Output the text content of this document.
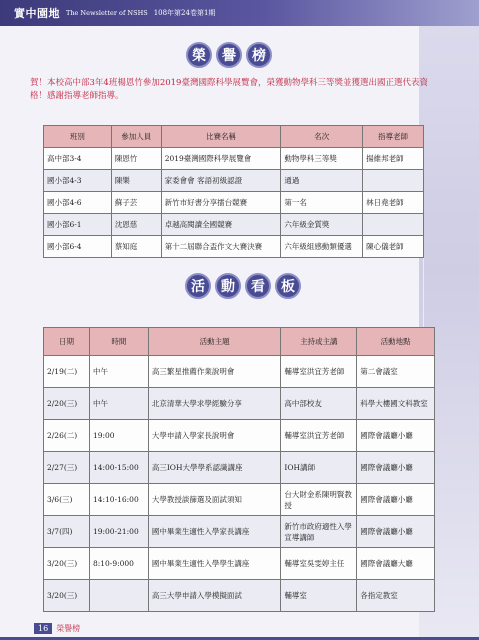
實中園地 The Newsletter of NSHS 108年第24卷第1期
榮	譽	榜

賀！本校高中部3年4班楊恩竹參加2019臺灣國際科學展覽會，榮獲動物學科三等獎並獲選出國正選代表資格！感謝指導老師指導。

班別	參加人員	比賽名稱	名次	指導老師
高中部3-4	陳恩竹	2019臺灣國際科學展覽會	動物學科三等獎	揚維邦老師
國小部4-3	陳樂	家委會會 客語初級認證	通過	
國小部4-6	蘇子芸	新竹市好書分享擂台競賽	第一名	林日堯老師
國小部6-1	沈恩慈	卓越高閱讀全國競賽	六年級金質獎	
國小部6-4	蔡知庭	第十二屆聯合盃作文大賽決賽	六年級組感動類優選	陳心儀老師
活	動	看	板
日期	時間	活動主題	主持或主講	活動地點
2/19(二)	中午	高三繁星推薦作業說明會	輔導室洪宜芳老師	第二會議室
2/20(三)	中午	北京清華大學求學經驗分享	高中部校友	科學大樓國文科教室
2/26(二)	19:00	大學申請入學家長說明會	輔導室洪宜芳老師	國際會議廳小廳
2/27(三)	14:00-15:00	高三IOH大學學系認識講座	IOH講師	國際會議廳小廳
3/6(三)	14:10-16:00	大學教授談篩選及面試須知	台大財金系陳明賢教授	國際會議廳小廳
3/7(四)	19:00-21:00	國中畢業生適性入學家長講座	新竹市政府適性入學宣導講師	國際會議廳小廳
3/20(三)	8:10-9:000	國中畢業生適性入學學生講座	輔導室吳雯婷主任	國際會議廳大廳
3/20(三)		高三大學申請入學模擬面試	輔導室	各指定教室
16	榮譽榜
